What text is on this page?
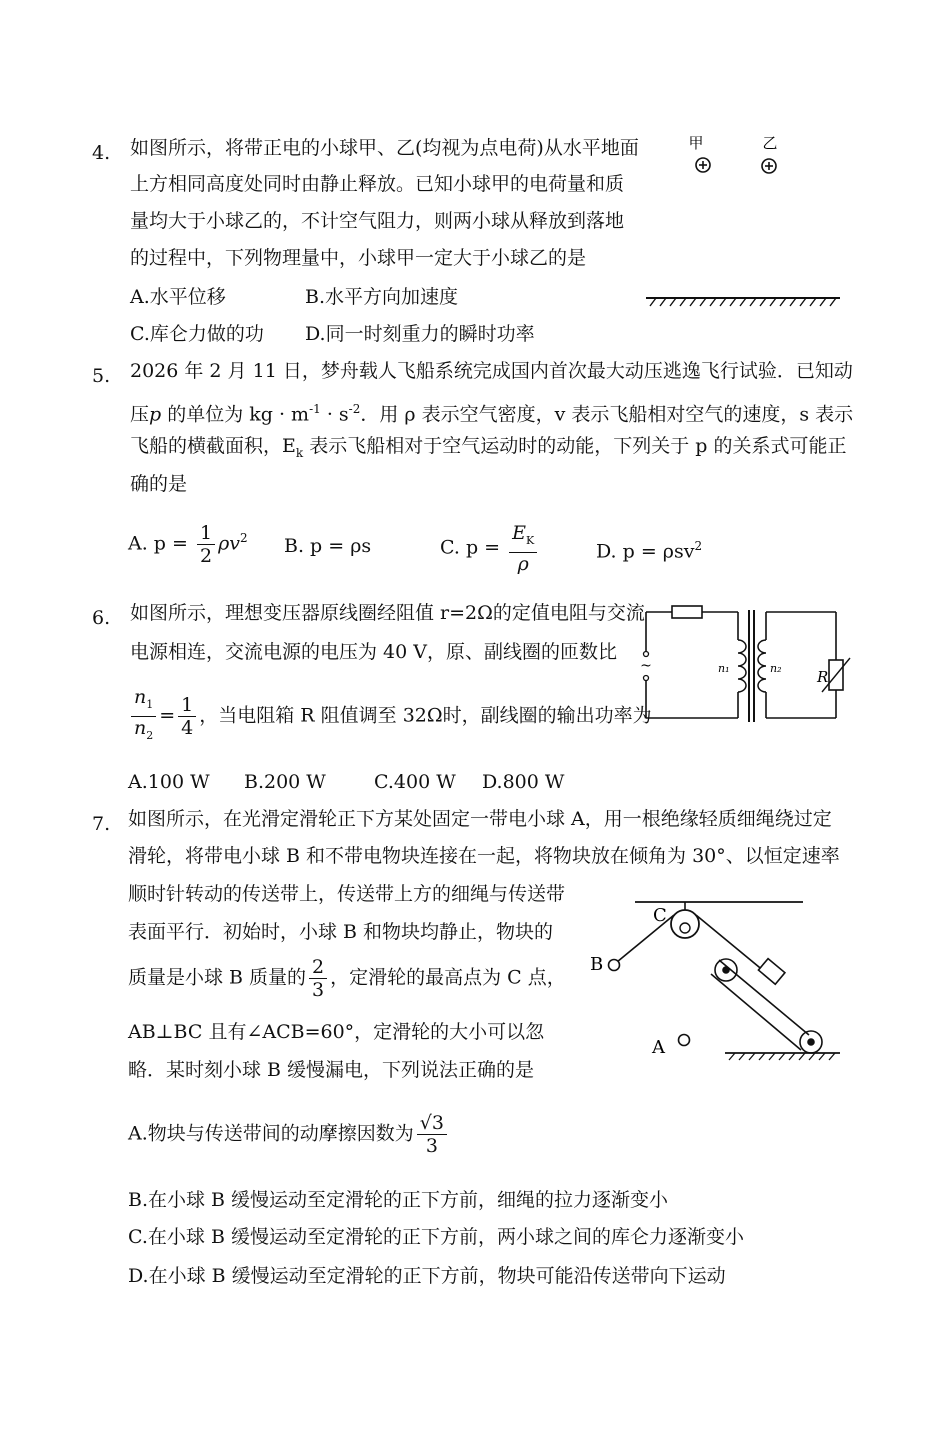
4. 如图所示，将带正电的小球甲、乙(均视为点电荷)从水平地面
上方相同高度处同时由静止释放。已知小球甲的电荷量和质
量均大于小球乙的，不计空气阻力，则两小球从释放到落地
的过程中，下列物理量中，小球甲一定大于小球乙的是
A.水平位移	B.水平方向加速度
C.库仑力做的功 D.同一时刻重力的瞬时功率
甲	乙
5. 2026 年 2 月 11 日，梦舟载人飞船系统完成国内首次最大动压逃逸飞行试验．已知动
压p 的单位为 kg · $m^{-1} \cdot s^{-2}$．用 ρ 表示空气密度，v 表示飞船相对空气的速度，s 表示
飞船的横截面积，$E_k$ 表示飞船相对于空气运动时的动能，下列关于 p 的关系式可能正
确的是
A. $p = \frac{1}{2} \rho v^2$ B. p = ρs	C. $p = \frac{E_K}{\rho}$	D. p = ρsv$^2$
6. 如图所示，理想变压器原线圈经阻值 r=2Ω的定值电阻与交流
电源相连，交流电源的电压为 40 V，原、副线圈的匝数比
$\frac{n_1}{n_2} = \frac{1}{4}$ ，当电阻箱 R 阻值调至 32Ω时，副线圈的输出功率为
A.100 W B.200 W	C.400 W D.800 W
~	n₁	n₂ R
7. 如图所示，在光滑定滑轮正下方某处固定一带电小球 A，用一根绝缘轻质细绳绕过定
滑轮，将带电小球 B 和不带电物块连接在一起，将物块放在倾角为 30°、以恒定速率
顺时针转动的传送带上，传送带上方的细绳与传送带
表面平行．初始时，小球 B 和物块均静止，物块的
质量是小球 B 质量的 $\frac{2}{3}$ ，定滑轮的最高点为 C 点，
AB⊥BC 且有∠ACB=60°，定滑轮的大小可以忽
略．某时刻小球 B 缓慢漏电，下列说法正确的是
A.物块与传送带间的动摩擦因数为 $\frac{√3}{3}$
B.在小球 B 缓慢运动至定滑轮的正下方前，细绳的拉力逐渐变小
C.在小球 B 缓慢运动至定滑轮的正下方前，两小球之间的库仑力逐渐变小
D.在小球 B 缓慢运动至定滑轮的正下方前，物块可能沿传送带向下运动
C
B
A
